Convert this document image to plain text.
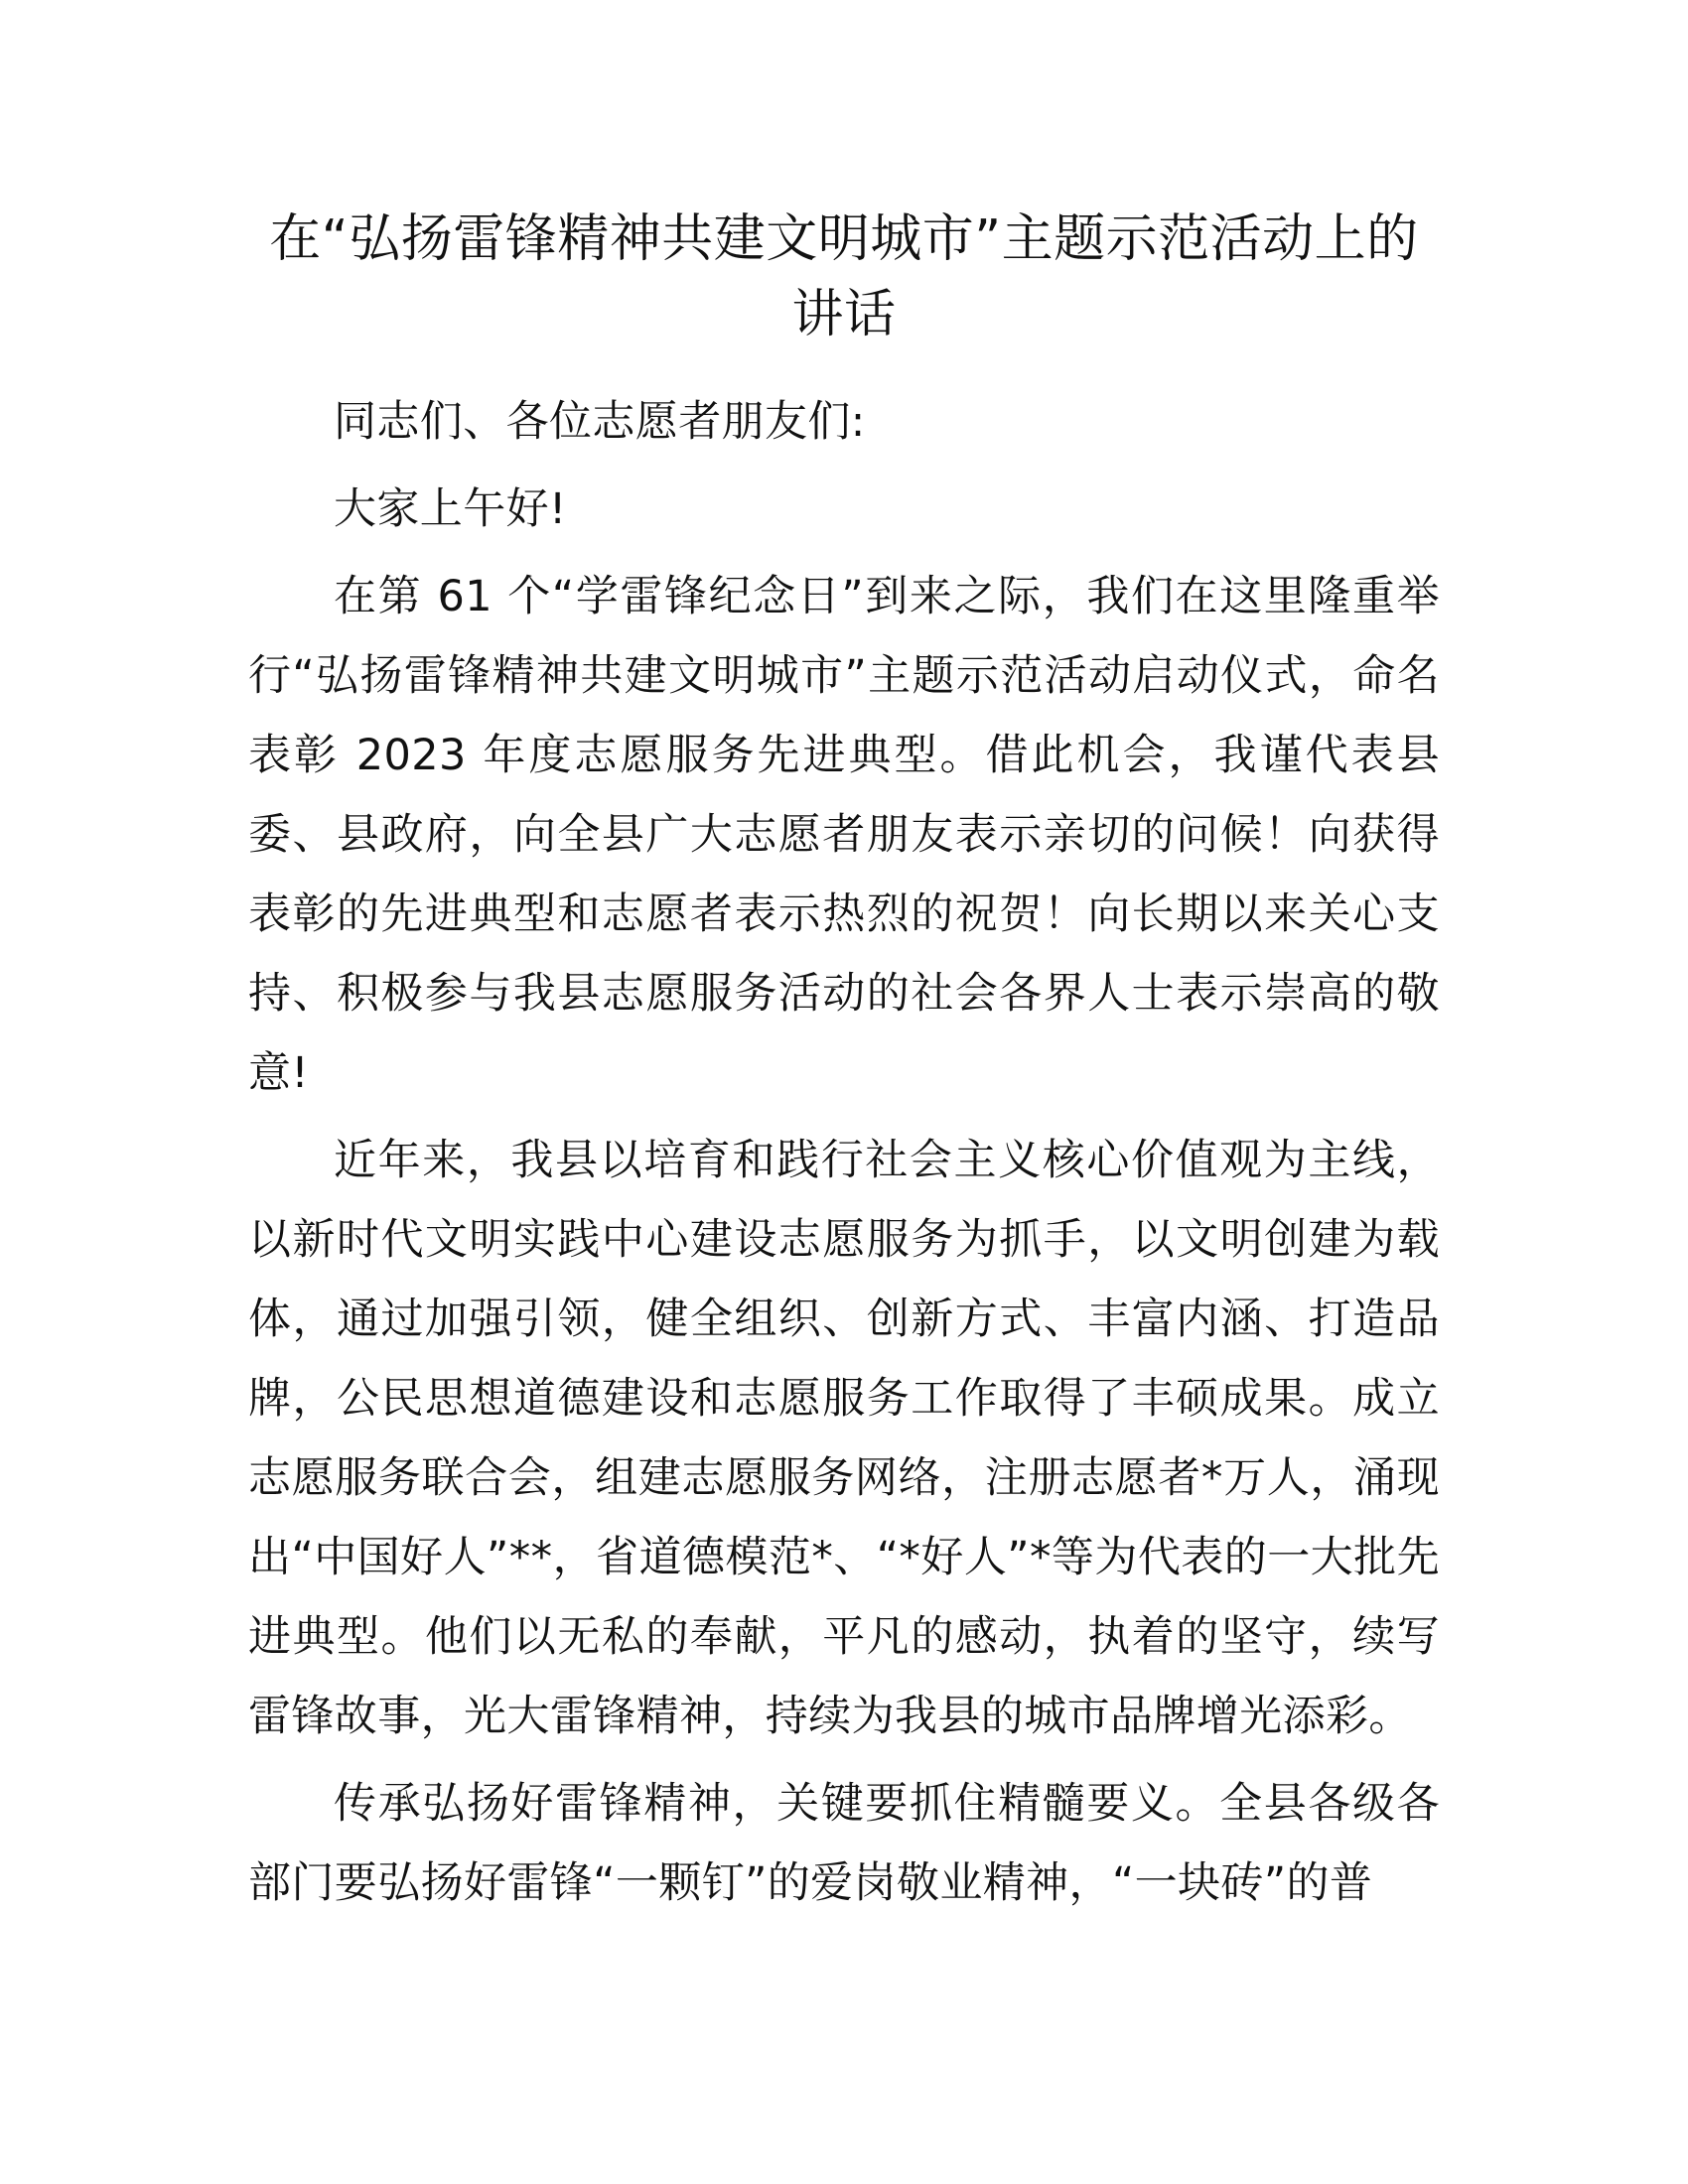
在“弘扬雷锋精神共建文明城市”主题示范活动上的讲话

同志们、各位志愿者朋友们:

大家上午好!

在第 61 个“学雷锋纪念日”到来之际，我们在这里隆重举行“弘扬雷锋精神共建文明城市”主题示范活动启动仪式，命名表彰 2023 年度志愿服务先进典型。借此机会，我谨代表县委、县政府，向全县广大志愿者朋友表示亲切的问候！向获得表彰的先进典型和志愿者表示热烈的祝贺！向长期以来关心支持、积极参与我县志愿服务活动的社会各界人士表示崇高的敬意!

近年来，我县以培育和践行社会主义核心价值观为主线，以新时代文明实践中心建设志愿服务为抓手，以文明创建为载体，通过加强引领，健全组织、创新方式、丰富内涵、打造品牌，公民思想道德建设和志愿服务工作取得了丰硕成果。成立志愿服务联合会，组建志愿服务网络，注册志愿者*万人，涌现出“中国好人”**，省道德模范*、“*好人”*等为代表的一大批先进典型。他们以无私的奉献，平凡的感动，执着的坚守，续写雷锋故事，光大雷锋精神，持续为我县的城市品牌增光添彩。

传承弘扬好雷锋精神，关键要抓住精髓要义。全县各级各部门要弘扬好雷锋“一颗钉”的爱岗敬业精神，“一块砖”的普
